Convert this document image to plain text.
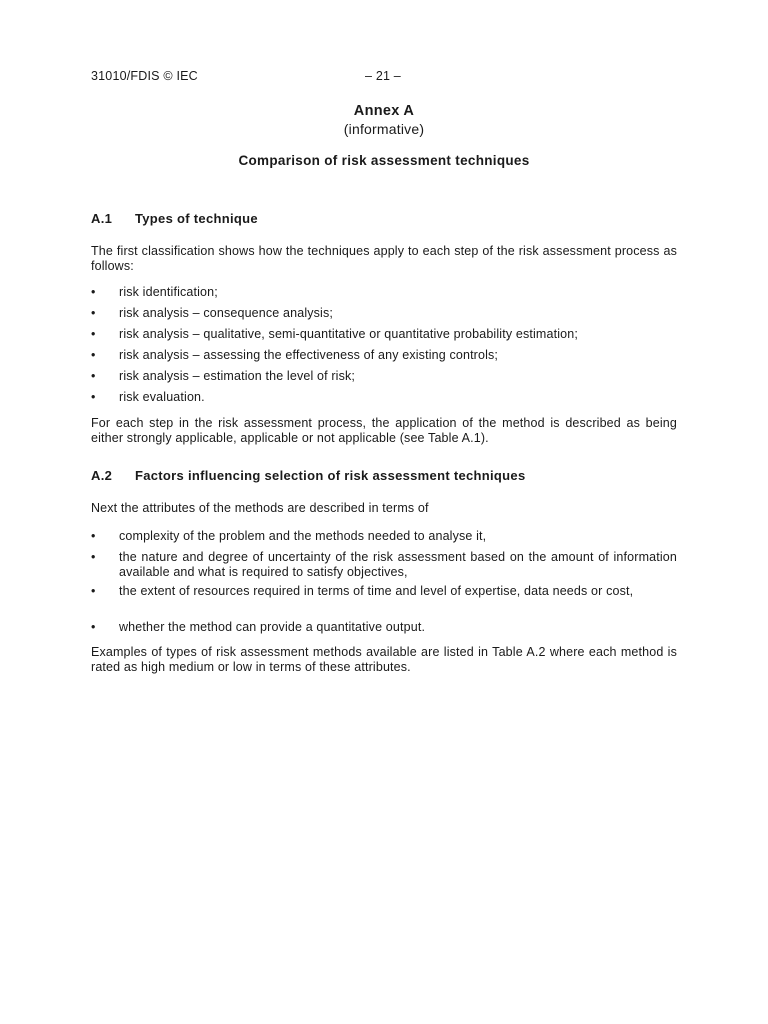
31010/FDIS © IEC	– 21 –
Annex A
(informative)
Comparison of risk assessment techniques
A.1 Types of technique
The first classification shows how the techniques apply to each step of the risk assessment process as follows:
• risk identification;
• risk analysis – consequence analysis;
• risk analysis – qualitative, semi-quantitative or quantitative probability estimation;
• risk analysis – assessing the effectiveness of any existing controls;
• risk analysis – estimation the level of risk;
• risk evaluation.
For each step in the risk assessment process, the application of the method is described as being either strongly applicable, applicable or not applicable (see Table A.1).
A.2 Factors influencing selection of risk assessment techniques
Next the attributes of the methods are described in terms of
• complexity of the problem and the methods needed to analyse it,
• the nature and degree of uncertainty of the risk assessment based on the amount of information available and what is required to satisfy objectives,
• the extent of resources required in terms of time and level of expertise, data needs or cost,
• whether the method can provide a quantitative output.
Examples of types of risk assessment methods available are listed in Table A.2 where each method is rated as high medium or low in terms of these attributes.
